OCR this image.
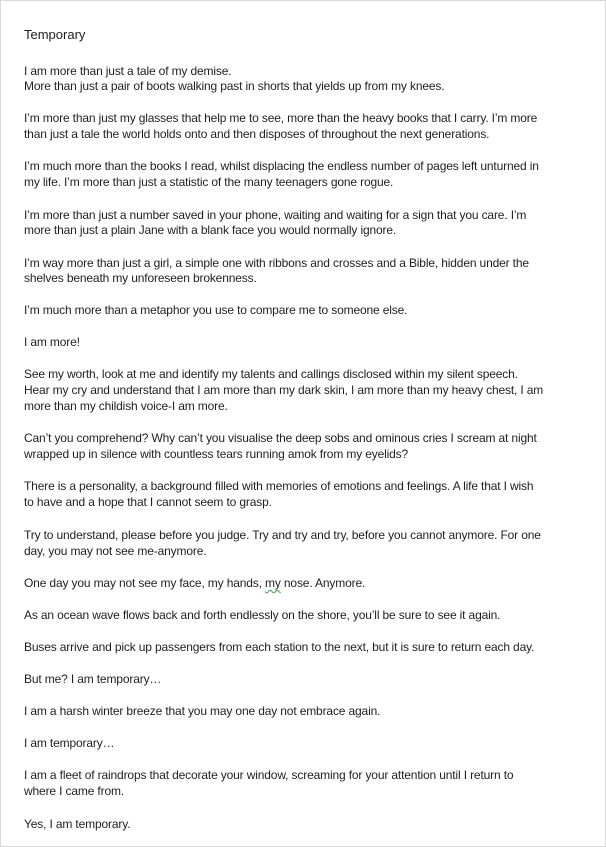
Temporary
I am more than just a tale of my demise.
More than just a pair of boots walking past in shorts that yields up from my knees.
I’m more than just my glasses that help me to see, more than the heavy books that I carry. I’m more
than just a tale the world holds onto and then disposes of throughout the next generations.
I’m much more than the books I read, whilst displacing the endless number of pages left unturned in
my life. I’m more than just a statistic of the many teenagers gone rogue.
I’m more than just a number saved in your phone, waiting and waiting for a sign that you care. I’m
more than just a plain Jane with a blank face you would normally ignore.
I’m way more than just a girl, a simple one with ribbons and crosses and a Bible, hidden under the
shelves beneath my unforeseen brokenness.
I’m much more than a metaphor you use to compare me to someone else.
I am more!
See my worth, look at me and identify my talents and callings disclosed within my silent speech.
Hear my cry and understand that I am more than my dark skin, I am more than my heavy chest, I am
more than my childish voice-I am more.
Can’t you comprehend? Why can’t you visualise the deep sobs and ominous cries I scream at night
wrapped up in silence with countless tears running amok from my eyelids?
There is a personality, a background filled with memories of emotions and feelings. A life that I wish
to have and a hope that I cannot seem to grasp.
Try to understand, please before you judge. Try and try and try, before you cannot anymore. For one
day, you may not see me-anymore.
One day you may not see my face, my hands, my nose. Anymore.
As an ocean wave flows back and forth endlessly on the shore, you’ll be sure to see it again.
Buses arrive and pick up passengers from each station to the next, but it is sure to return each day.
But me? I am temporary…
I am a harsh winter breeze that you may one day not embrace again.
I am temporary…
I am a fleet of raindrops that decorate your window, screaming for your attention until I return to
where I came from.
Yes, I am temporary.
